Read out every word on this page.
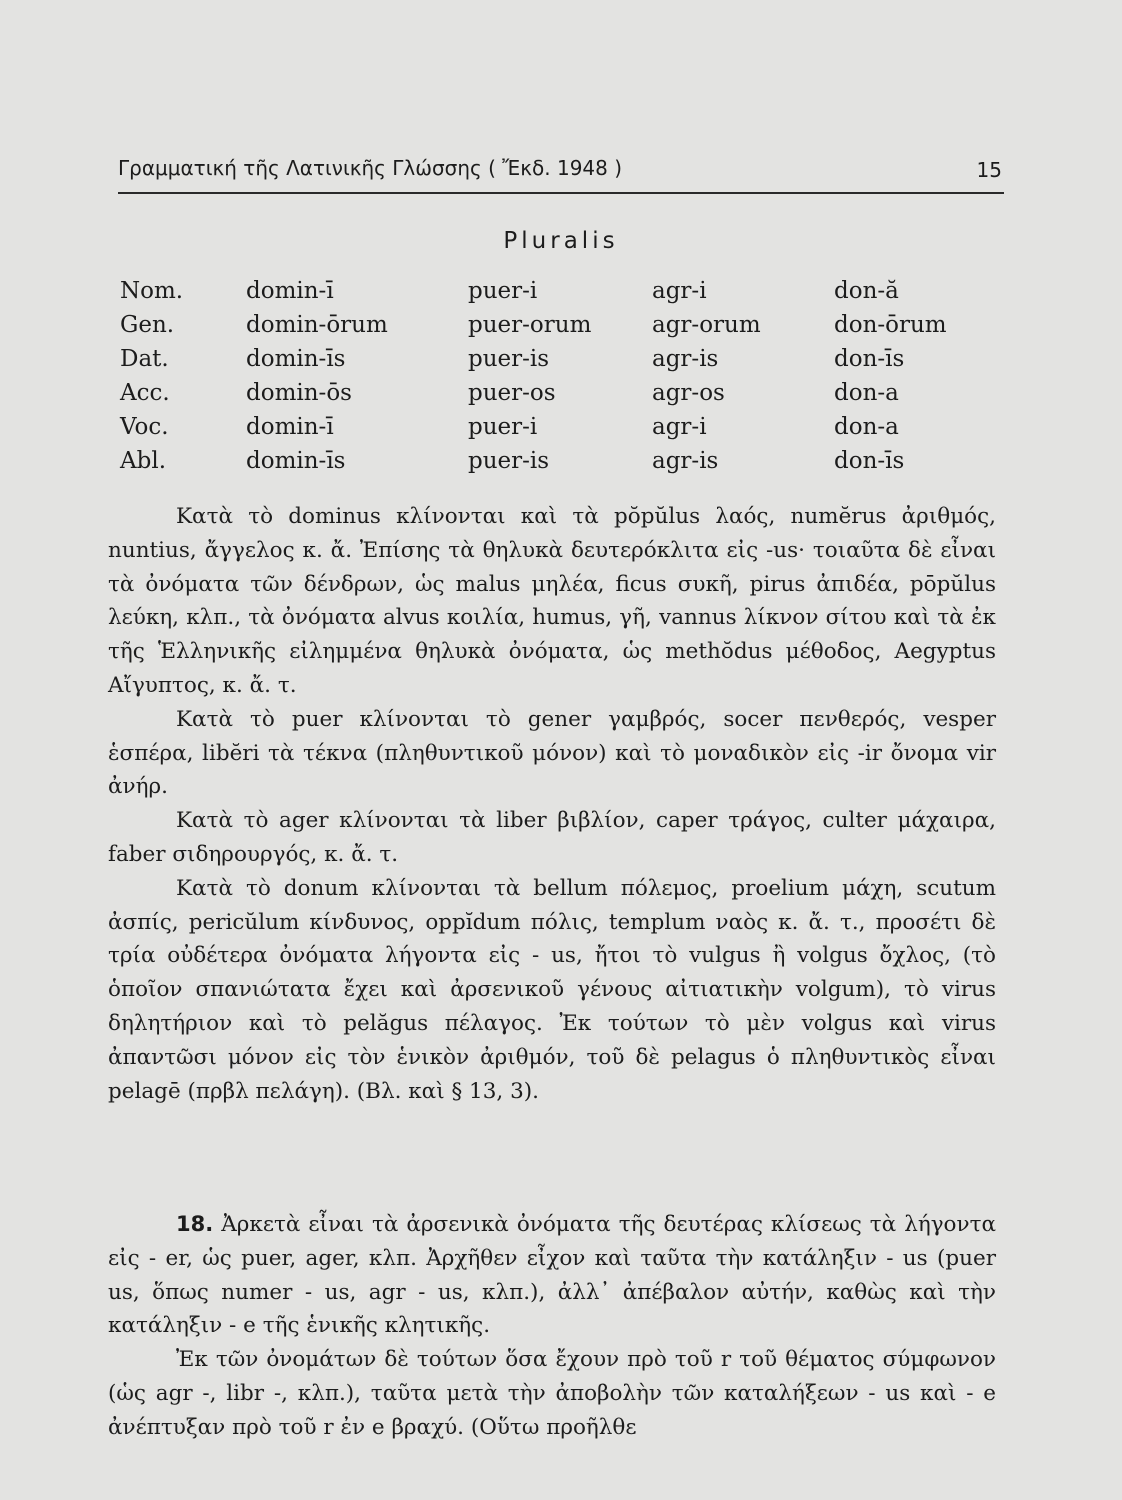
Γραμματική τῆς Λατινικῆς Γλώσσης ( Ἔκδ. 1948 )	15
Pluralis
Nom.	domin-ī	puer-i	agr-i	don-ă
Gen.	domin-ōrum	puer-orum	agr-orum	don-ōrum
Dat.	domin-īs	puer-is	agr-is	don-īs
Acc.	domin-ōs	puer-os	agr-os	don-a
Voc.	domin-ī	puer-i	agr-i	don-a
Abl.	domin-īs	puer-is	agr-is	don-īs

Κατὰ τὸ dominus κλίνονται καὶ τὰ pŏpŭlus λαός, numĕrus ἀριθμός, nuntius, ἄγγελος κ. ἄ. Ἐπίσης τὰ θηλυκὰ δευτερόκλιτα εἰς -us· τοιαῦτα δὲ εἶναι τὰ ὀνόματα τῶν δένδρων, ὡς malus μηλέα, ficus συκῆ, pirus ἀπιδέα, pōpŭlus λεύκη, κλπ., τὰ ὀνόματα alvus κοιλία, humus, γῆ, vannus λίκνον σίτου καὶ τὰ ἐκ τῆς Ἑλληνικῆς εἰλημμένα θηλυκὰ ὀνόματα, ὡς methŏdus μέθοδος, Aegyptus Αἴγυπτος, κ. ἄ. τ.

Κατὰ τὸ puer κλίνονται τὸ gener γαμβρός, socer πενθερός, vesper ἑσπέρα, libĕri τὰ τέκνα (πληθυντικοῦ μόνον) καὶ τὸ μοναδικὸν εἰς -ir ὄνομα vir ἀνήρ.

Κατὰ τὸ ager κλίνονται τὰ liber βιβλίον, caper τράγος, culter μάχαιρα, faber σιδηρουργός, κ. ἄ. τ.

Κατὰ τὸ donum κλίνονται τὰ bellum πόλεμος, proelium μάχη, scutum ἀσπίς, pericŭlum κίνδυνος, oppĭdum πόλις, templum ναὸς κ. ἄ. τ., προσέτι δὲ τρία οὐδέτερα ὀνόματα λήγοντα εἰς - us, ἤτοι τὸ vulgus ἢ volgus ὄχλος, (τὸ ὁποῖον σπανιώτατα ἔχει καὶ ἀρσενικοῦ γένους αἰτιατικὴν volgum), τὸ virus δηλητήριον καὶ τὸ pelăgus πέλαγος. Ἐκ τούτων τὸ μὲν volgus καὶ virus ἀπαντῶσι μόνον εἰς τὸν ἑνικὸν ἀριθμόν, τοῦ δὲ pelagus ὁ πληθυντικὸς εἶναι pelagē (πρβλ πελάγη). (Βλ. καὶ § 13, 3).

18. Ἀρκετὰ εἶναι τὰ ἀρσενικὰ ὀνόματα τῆς δευτέρας κλίσεως τὰ λήγοντα εἰς - er, ὡς puer, ager, κλπ. Ἀρχῆθεν εἶχον καὶ ταῦτα τὴν κατάληξιν - us (puer us, ὅπως numer - us, agr - us, κλπ.), ἀλλ᾿ ἀπέβαλον αὐτήν, καθὼς καὶ τὴν κατάληξιν - e τῆς ἑνικῆς κλητικῆς.

Ἐκ τῶν ὀνομάτων δὲ τούτων ὅσα ἔχουν πρὸ τοῦ r τοῦ θέματος σύμφωνον (ὡς agr -, libr -, κλπ.), ταῦτα μετὰ τὴν ἀποβολὴν τῶν καταλήξεων - us καὶ - e ἀνέπτυξαν πρὸ τοῦ r ἐν e βραχύ. (Οὕτω προῆλθε
